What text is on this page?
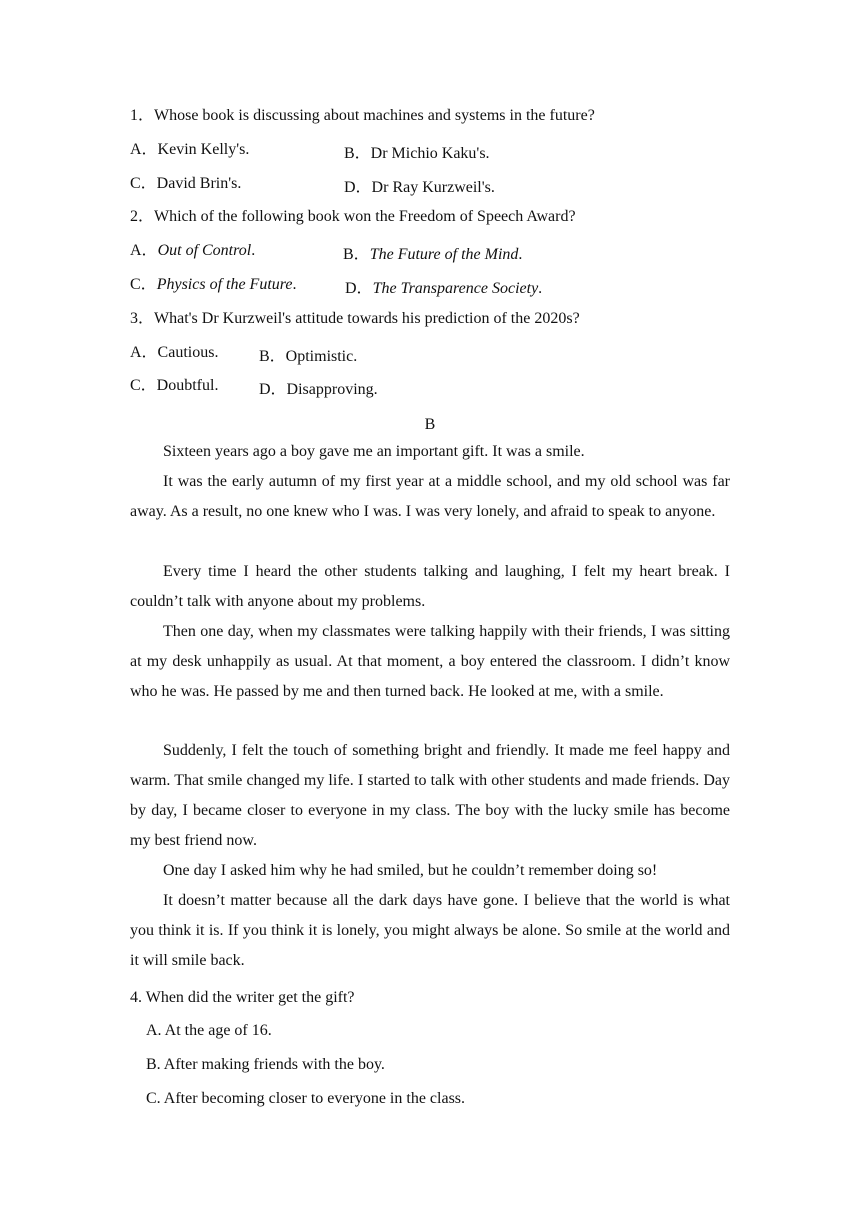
1．Whose book is discussing about machines and systems in the future?
A．Kevin Kelly's.	B．Dr Michio Kaku's.
C．David Brin's.	D．Dr Ray Kurzweil's.
2．Which of the following book won the Freedom of Speech Award?
A．Out of Control.	B．The Future of the Mind.
C．Physics of the Future.	D．The Transparence Society.
3．What's Dr Kurzweil's attitude towards his prediction of the 2020s?
A．Cautious.	B．Optimistic.
C．Doubtful.	D．Disapproving.
B
Sixteen years ago a boy gave me an important gift. It was a smile.
It was the early autumn of my first year at a middle school, and my old school was far away. As a result, no one knew who I was. I was very lonely, and afraid to speak to anyone.
Every time I heard the other students talking and laughing, I felt my heart break. I couldn’t talk with anyone about my problems.
Then one day, when my classmates were talking happily with their friends, I was sitting at my desk unhappily as usual. At that moment, a boy entered the classroom. I didn’t know who he was. He passed by me and then turned back. He looked at me, with a smile.
Suddenly, I felt the touch of something bright and friendly. It made me feel happy and warm. That smile changed my life. I started to talk with other students and made friends. Day by day, I became closer to everyone in my class. The boy with the lucky smile has become my best friend now.
One day I asked him why he had smiled, but he couldn’t remember doing so!
It doesn’t matter because all the dark days have gone. I believe that the world is what you think it is. If you think it is lonely, you might always be alone. So smile at the world and it will smile back.
4. When did the writer get the gift?
A. At the age of 16.
B. After making friends with the boy.
C. After becoming closer to everyone in the class.
